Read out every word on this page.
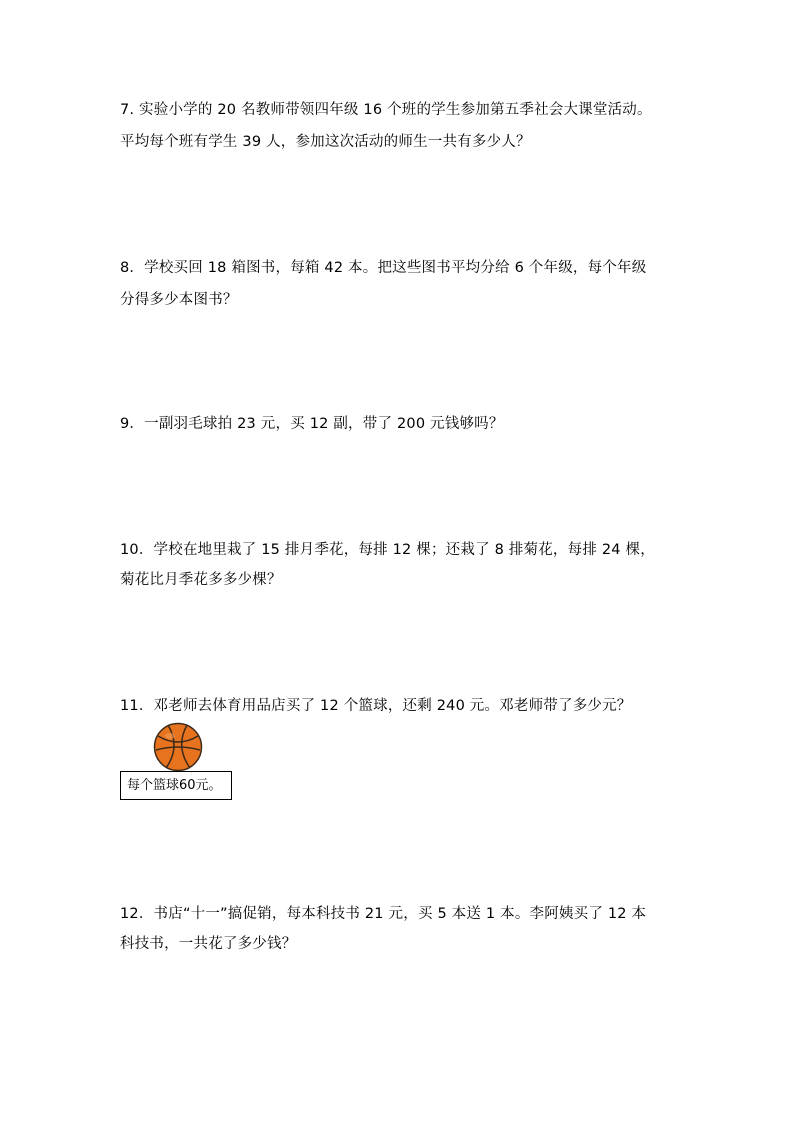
7. 实验小学的 20 名教师带领四年级 16 个班的学生参加第五季社会大课堂活动。
平均每个班有学生 39 人，参加这次活动的师生一共有多少人？
8．学校买回 18 箱图书，每箱 42 本。把这些图书平均分给 6 个年级，每个年级
分得多少本图书？
9．一副羽毛球拍 23 元，买 12 副，带了 200 元钱够吗？
10．学校在地里栽了 15 排月季花，每排 12 棵；还栽了 8 排菊花，每排 24 棵，
菊花比月季花多多少棵？
11．邓老师去体育用品店买了 12 个篮球，还剩 240 元。邓老师带了多少元？
每个篮球60元。
12．书店“十一”搞促销，每本科技书 21 元，买 5 本送 1 本。李阿姨买了 12 本
科技书，一共花了多少钱？
